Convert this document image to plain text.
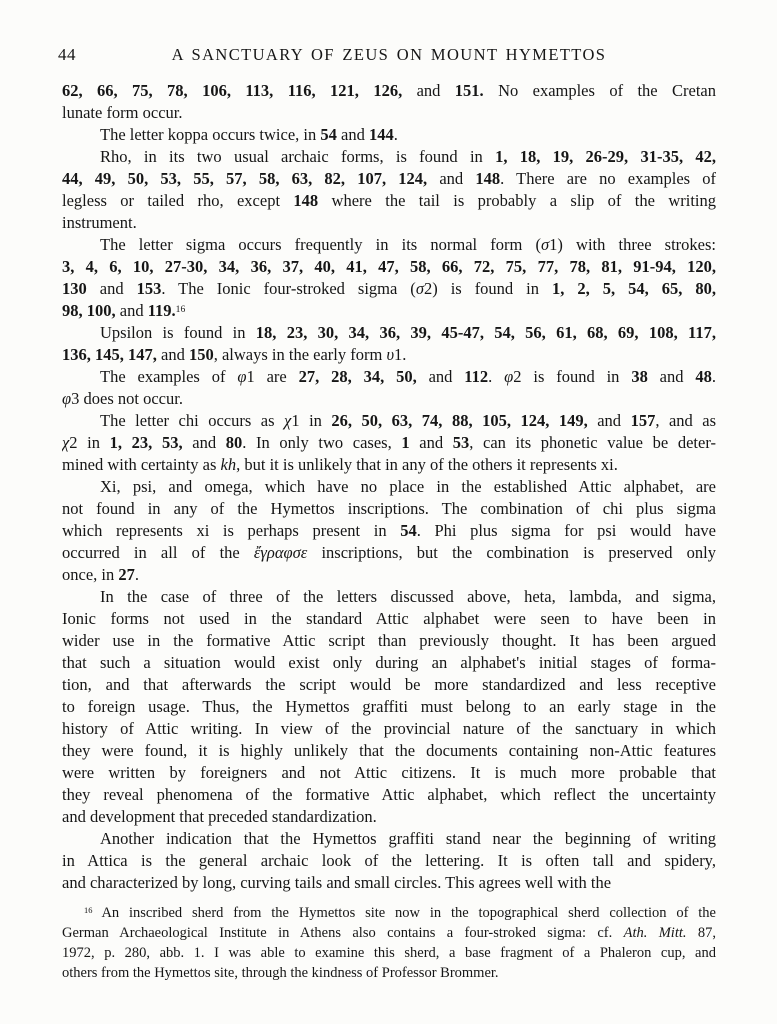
44	A SANCTUARY OF ZEUS ON MOUNT HYMETTOS
62, 66, 75, 78, 106, 113, 116, 121, 126, and 151. No examples of the Cretan
lunate form occur.
The letter koppa occurs twice, in 54 and 144.
Rho, in its two usual archaic forms, is found in 1, 18, 19, 26-29, 31-35, 42,
44, 49, 50, 53, 55, 57, 58, 63, 82, 107, 124, and 148. There are no examples of
legless or tailed rho, except 148 where the tail is probably a slip of the writing
instrument.
The letter sigma occurs frequently in its normal form (σ1) with three strokes:
3, 4, 6, 10, 27-30, 34, 36, 37, 40, 41, 47, 58, 66, 72, 75, 77, 78, 81, 91-94, 120,
130 and 153. The Ionic four-stroked sigma (σ2) is found in 1, 2, 5, 54, 65, 80,
98, 100, and 119.16
Upsilon is found in 18, 23, 30, 34, 36, 39, 45-47, 54, 56, 61, 68, 69, 108, 117,
136, 145, 147, and 150, always in the early form υ1.
The examples of φ1 are 27, 28, 34, 50, and 112. φ2 is found in 38 and 48.
φ3 does not occur.
The letter chi occurs as χ1 in 26, 50, 63, 74, 88, 105, 124, 149, and 157, and as
χ2 in 1, 23, 53, and 80. In only two cases, 1 and 53, can its phonetic value be deter-
mined with certainty as kh, but it is unlikely that in any of the others it represents xi.
Xi, psi, and omega, which have no place in the established Attic alphabet, are
not found in any of the Hymettos inscriptions. The combination of chi plus sigma
which represents xi is perhaps present in 54. Phi plus sigma for psi would have
occurred in all of the ἔγραφσε inscriptions, but the combination is preserved only
once, in 27.
In the case of three of the letters discussed above, heta, lambda, and sigma,
Ionic forms not used in the standard Attic alphabet were seen to have been in
wider use in the formative Attic script than previously thought. It has been argued
that such a situation would exist only during an alphabet's initial stages of forma-
tion, and that afterwards the script would be more standardized and less receptive
to foreign usage. Thus, the Hymettos graffiti must belong to an early stage in the
history of Attic writing. In view of the provincial nature of the sanctuary in which
they were found, it is highly unlikely that the documents containing non-Attic features
were written by foreigners and not Attic citizens. It is much more probable that
they reveal phenomena of the formative Attic alphabet, which reflect the uncertainty
and development that preceded standardization.
Another indication that the Hymettos graffiti stand near the beginning of writing
in Attica is the general archaic look of the lettering. It is often tall and spidery,
and characterized by long, curving tails and small circles. This agrees well with the
$^{16}$ An inscribed sherd from the Hymettos site now in the topographical sherd collection of the
German Archaeological Institute in Athens also contains a four-stroked sigma: cf. Ath. Mitt. 87,
1972, p. 280, abb. 1. I was able to examine this sherd, a base fragment of a Phaleron cup, and
others from the Hymettos site, through the kindness of Professor Brommer.
